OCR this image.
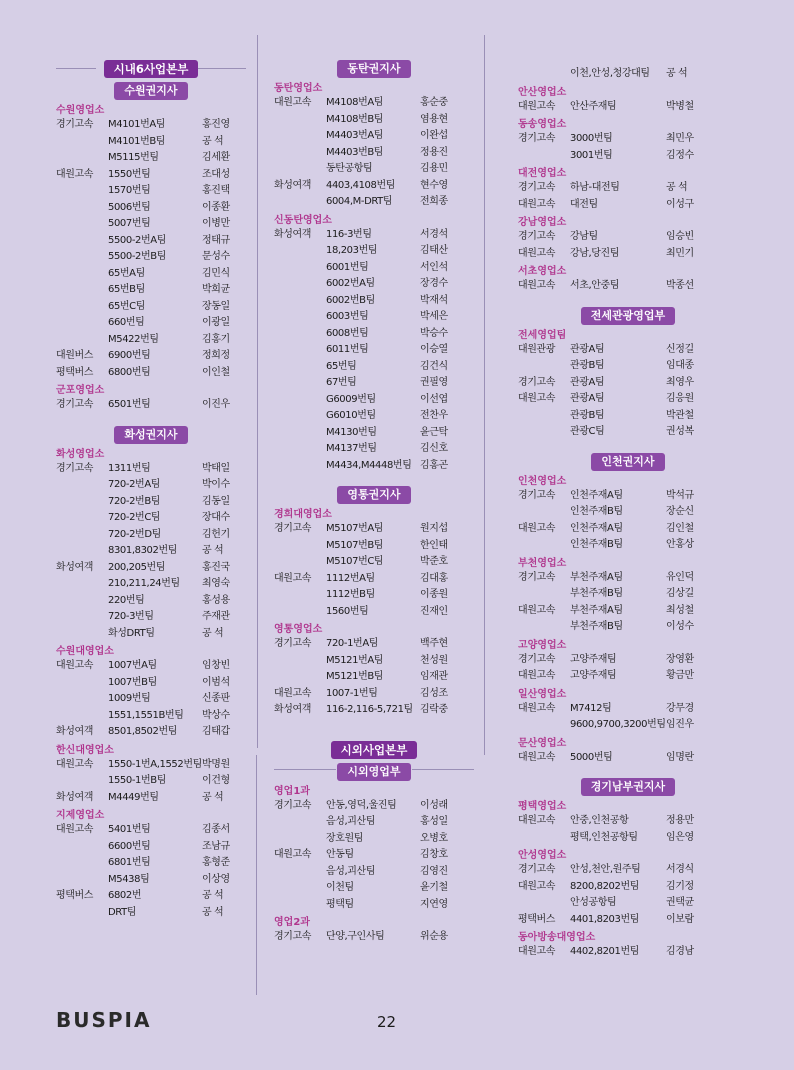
시내6사업본부
수원권지사
수원영업소
경기고속	M4101번A팀	홍진영
M4101번B팀	공 석
M5115번팀	김세환
대원고속	1550번팀	조대성
1570번팀	홍진택
5006번팀	이종환
5007번팀	이병만
5500-2번A팀	정태규
5500-2번B팀	문성수
65번A팀	김민식
65번B팀	박희균
65번C팀	장동일
660번팀	이광일
M5422번팀	김홍기
대원버스	6900번팀	정희정
평택버스	6800번팀	이인철
군포영업소
경기고속	6501번팀	이진우
화성권지사
화성영업소
경기고속	1311번팀	박태일
720-2번A팀	박이수
720-2번B팀	김동일
720-2번C팀	장대수
720-2번D팀	김헌기
8301,8302번팀	공 석
화성여객	200,205번팀	홍진국
210,211,24번팀	최영숙
220번팀	홍성용
720-3번팀	주재관
화성DRT팀	공 석
수원대영업소
대원고속	1007번A팀	임창빈
1007번B팀	이범석
1009번팀	신종판
1551,1551B번팀	박상수
화성여객	8501,8502번팀	김태갑
한신대영업소
대원고속	1550-1번A,1552번팀 박명원
1550-1번B팀	이건형
화성여객	M4449번팀	공 석
지제영업소
대원고속	5401번팀	김종서
6600번팀	조남규
6801번팀	홍형준
M5438팀	이상영
평택버스	6802번	공 석
DRT팀	공 석
동탄권지사
동탄영업소
대원고속	M4108번A팀	홍순중
M4108번B팀	염용현
M4403번A팀	이완섭
M4403번B팀	정용진
동탄공항팀	김용민
화성여객	4403,4108번팀	현수영
6004,M-DRT팀	전희종
신동탄영업소
화성여객	116-3번팀	서경석
18,203번팀	김태산
6001번팀	서인석
6002번A팀	장경수
6002번B팀	박재석
6003번팀	박세은
6008번팀	박승수
6011번팀	이승열
65번팀	김건식
67번팀	권필영
G6009번팀	이선엽
G6010번팀	전찬우
M4130번팀	윤근탁
M4137번팀	김신호
M4434,M4448번팀 김홍곤
영통권지사
경희대영업소
경기고속	M5107번A팀	원지섭
M5107번B팀	한인태
M5107번C팀	박준호
대원고속	1112번A팀	김대홍
1112번B팀	이종원
1560번팀	진재인
영통영업소
경기고속	720-1번A팀	백주현
M5121번A팀	천성원
M5121번B팀	임재관
대원고속	1007-1번팀	김성조
화성여객	116-2,116-5,721팀 김락중
시외사업본부
시외영업부
영업1과
경기고속	안동,영덕,울진팀	이성래
음성,괴산팀	홍성일
장호원팀	오병호
대원고속	안동팀	김창호
음성,괴산팀	김영진
이천팀	윤기철
평택팀	지연영
영업2과
경기고속	단양,구인사팀	위순용
이천,안성,청강대팀	공 석
안산영업소
대원고속	안산주재팀	박병철
동송영업소
경기고속	3000번팀	최민우
3001번팀	김정수
대전영업소
경기고속	하남-대전팀	공 석
대원고속	대전팀	이성구
강남영업소
경기고속	강남팀	임승빈
대원고속	강남,당진팀	최민기
서초영업소
대원고속	서초,안중팀	박종선
전세관광영업부
전세영업팀
대원관광	관광A팀	신정길
관광B팀	임대종
경기고속	관광A팀	최영우
대원고속	관광A팀	김응원
관광B팀	박관철
관광C팀	권성복
인천권지사
인천영업소
경기고속	인천주재A팀	박석규
인천주재B팀	장순신
대원고속	인천주재A팀	김인철
인천주재B팀	안홍상
부천영업소
경기고속	부천주재A팀	유인덕
부천주재B팀	김상길
대원고속	부천주재A팀	최성철
부천주재B팀	이성수
고양영업소
경기고속	고양주재팀	장영환
대원고속	고양주재팀	황금만
일산영업소
대원고속	M7412팀	강무경
9600,9700,3200번팀 임진우
문산영업소
대원고속	5000번팀	임명란
경기남부권지사
평택영업소
대원고속	안중,인천공항	정용만
평택,인천공항팀	임은영
안성영업소
경기고속	안성,천안,원주팀	서경식
대원고속	8200,8202번팀	김기정
안성공항팀	권택균
평택버스	4401,8203번팀	이보람
동아방송대영업소
대원고속	4402,8201번팀	김경남
BUSPIA	22
